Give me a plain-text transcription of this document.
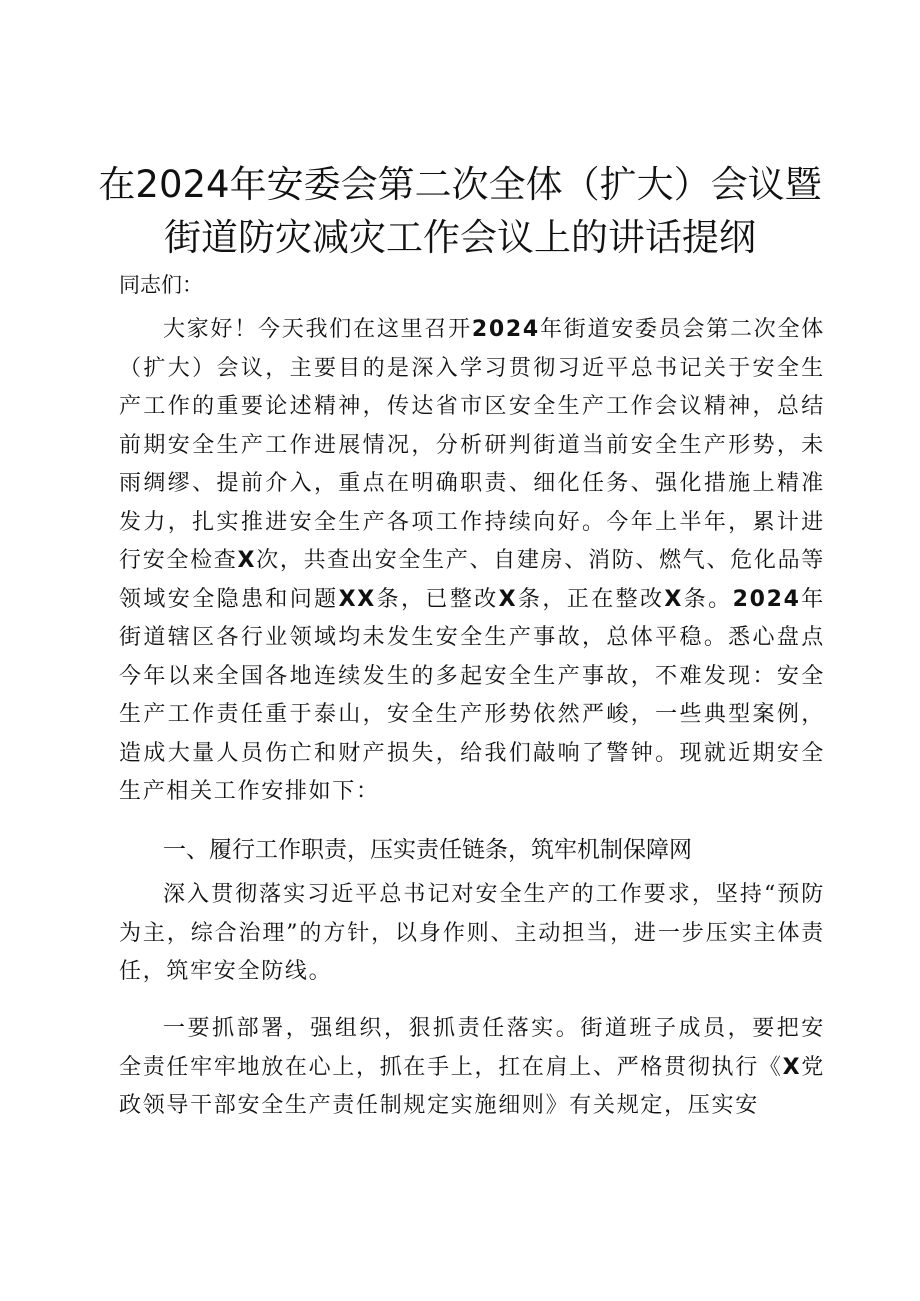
在2024年安委会第二次全体（扩大）会议暨
街道防灾减灾工作会议上的讲话提纲
同志们：
大家好！今天我们在这里召开2024年街道安委员会第二次全体（扩大）会议，主要目的是深入学习贯彻习近平总书记关于安全生产工作的重要论述精神，传达省市区安全生产工作会议精神，总结前期安全生产工作进展情况，分析研判街道当前安全生产形势，未雨绸缪、提前介入，重点在明确职责、细化任务、强化措施上精准发力，扎实推进安全生产各项工作持续向好。今年上半年，累计进行安全检查X次，共查出安全生产、自建房、消防、燃气、危化品等领域安全隐患和问题XX条，已整改X条，正在整改X条。2024年街道辖区各行业领域均未发生安全生产事故，总体平稳。悉心盘点今年以来全国各地连续发生的多起安全生产事故，不难发现：安全生产工作责任重于泰山，安全生产形势依然严峻，一些典型案例，造成大量人员伤亡和财产损失，给我们敲响了警钟。现就近期安全生产相关工作安排如下：
一、履行工作职责，压实责任链条，筑牢机制保障网
深入贯彻落实习近平总书记对安全生产的工作要求，坚持“预防为主，综合治理”的方针，以身作则、主动担当，进一步压实主体责任，筑牢安全防线。
一要抓部署，强组织，狠抓责任落实。街道班子成员，要把安全责任牢牢地放在心上，抓在手上，扛在肩上、严格贯彻执行《X党政领导干部安全生产责任制规定实施细则》有关规定，压实安
